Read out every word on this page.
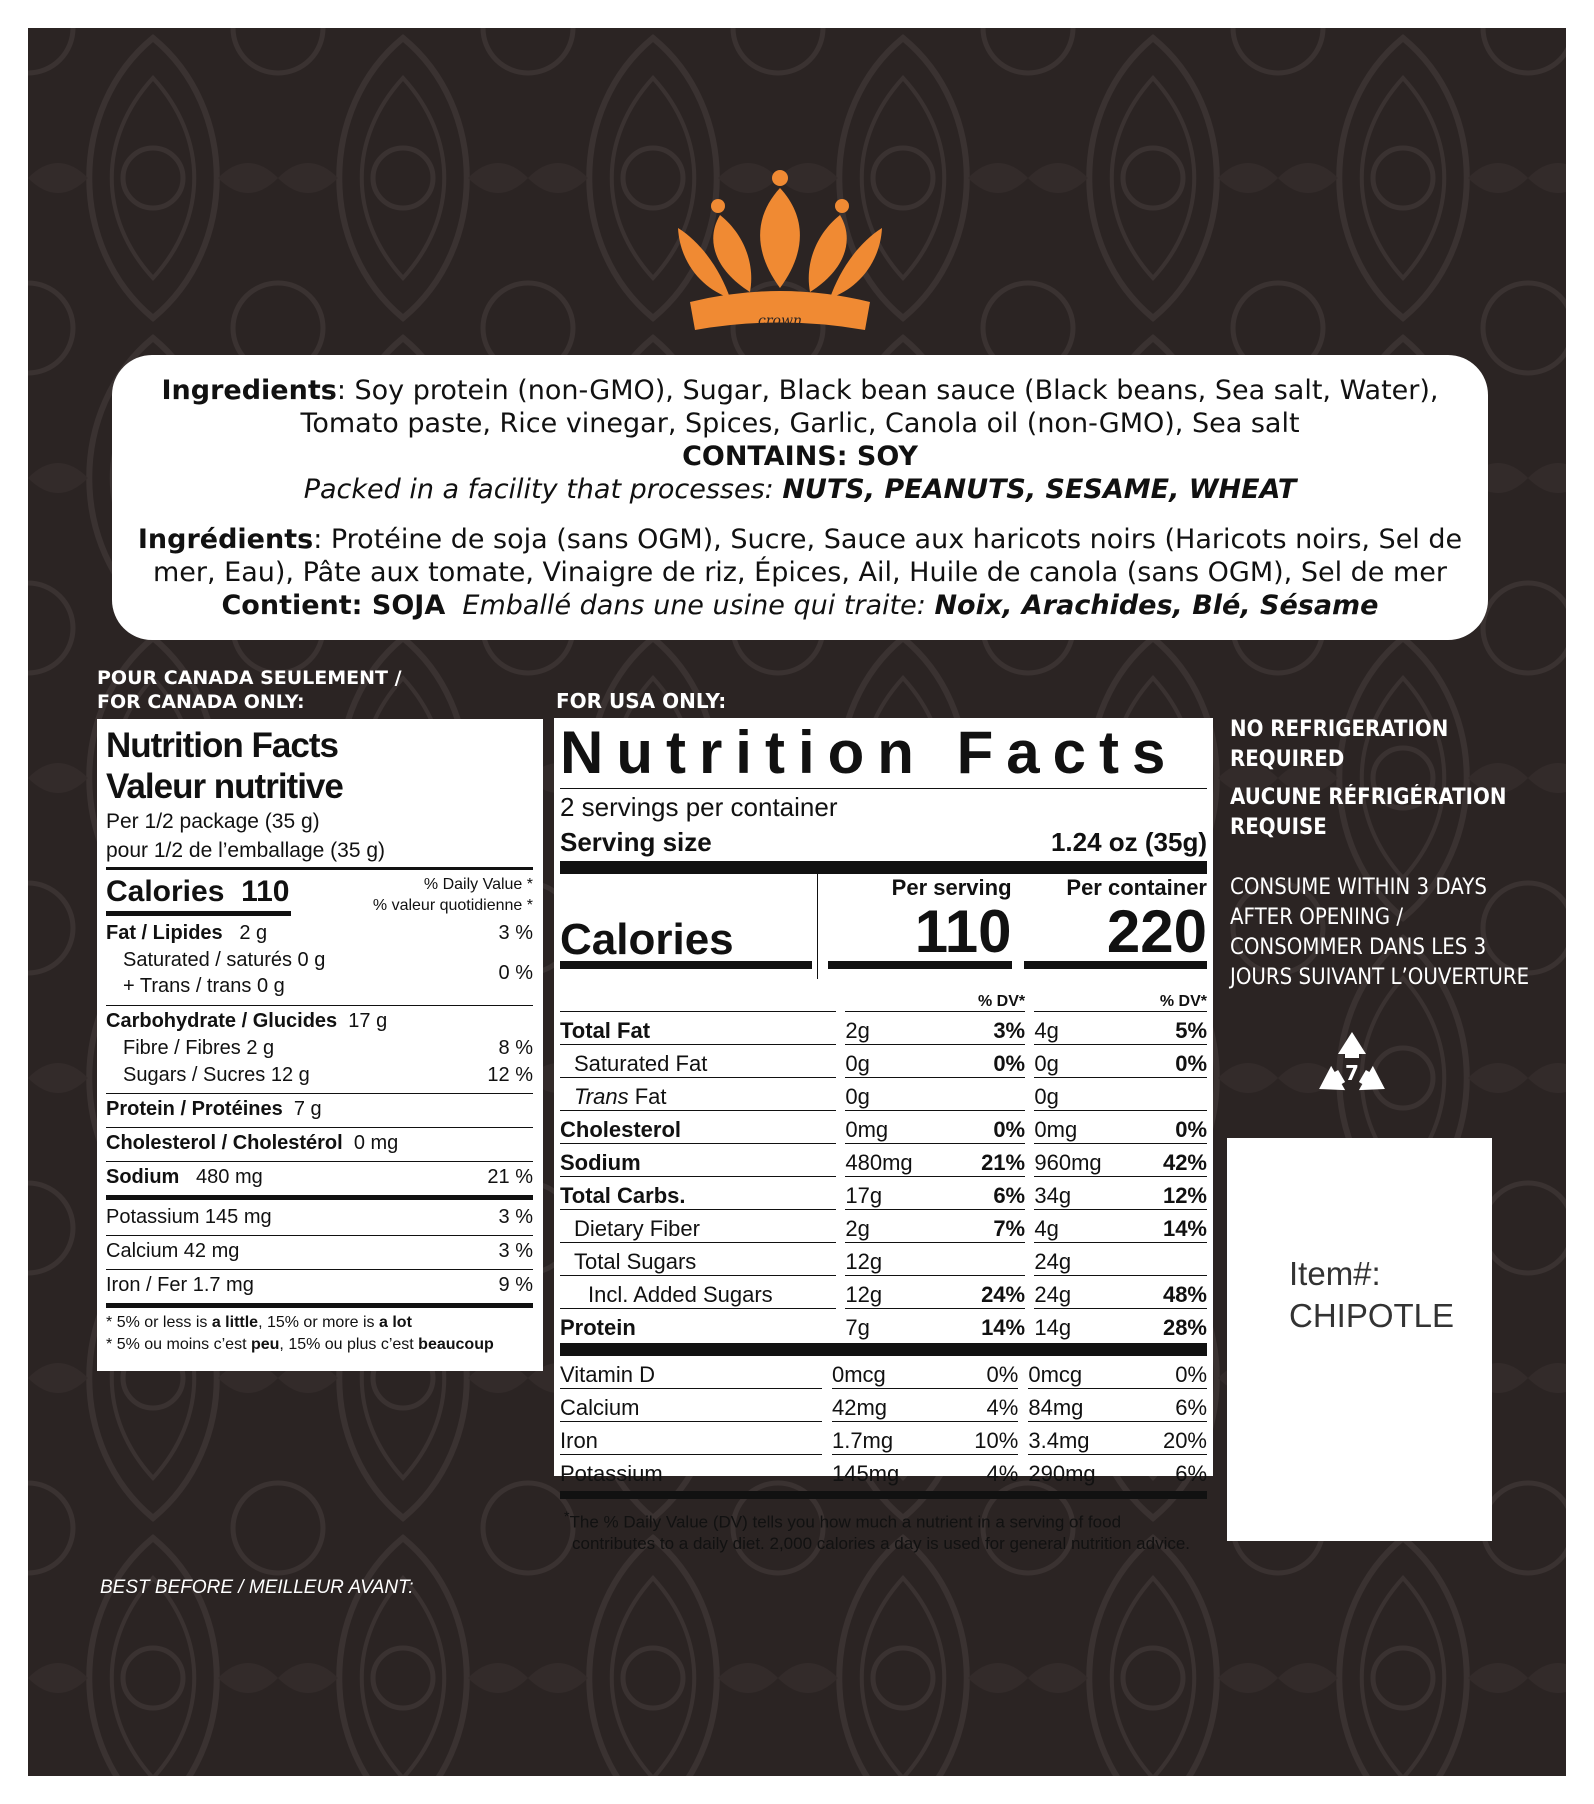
crown

Ingredients: Soy protein (non-GMO), Sugar, Black bean sauce (Black beans, Sea salt, Water),

Tomato paste, Rice vinegar, Spices, Garlic, Canola oil (non-GMO), Sea salt

CONTAINS: SOY

Packed in a facility that processes: NUTS, PEANUTS, SESAME, WHEAT

Ingrédients: Protéine de soja (sans OGM), Sucre, Sauce aux haricots noirs (Haricots noirs, Sel de

mer, Eau), Pâte aux tomate, Vinaigre de riz, Épices, Ail, Huile de canola (sans OGM), Sel de mer

Contient: SOJA Emballé dans une usine qui traite: Noix, Arachides, Blé, Sésame

POUR CANADA SEULEMENT /
FOR CANADA ONLY:
Nutrition Facts
Valeur nutritive
Per 1/2 package (35 g)
pour 1/2 de l’emballage (35 g)
Calories 110	% Daily Value *
% valeur quotidienne *
Fat / Lipides 2 g	3 %
Saturated / saturés 0 g
+ Trans / trans 0 g
0 %
Carbohydrate / Glucides 17 g
Fibre / Fibres 2 g	8 %
Sugars / Sucres 12 g	12 %
Protein / Protéines 7 g
Cholesterol / Cholestérol 0 mg
Sodium 480 mg	21 %
Potassium 145 mg	3 %
Calcium 42 mg	3 %
Iron / Fer 1.7 mg	9 %
* 5% or less is a little, 15% or more is a lot
* 5% ou moins c’est peu, 15% ou plus c’est beaucoup
FOR USA ONLY:
Nutrition Facts
2 servings per container
Serving size	1.24 oz (35g)
Calories
Per serving
110
Per container
220
			% DV*			% DV*
Total Fat		2g	3%		4g	5%
Saturated Fat		0g	0%		0g	0%
Trans Fat		0g			0g	
Cholesterol		0mg	0%		0mg	0%
Sodium		480mg	21%		960mg	42%
Total Carbs.		17g	6%		34g	12%
Dietary Fiber		2g	7%		4g	14%
Total Sugars		12g			24g	
Incl. Added Sugars		12g	24%		24g	48%
Protein		7g	14%		14g	28%
Vitamin D		0mcg	0%		0mcg	0%
Calcium		42mg	4%		84mg	6%
Iron		1.7mg	10%		3.4mg	20%
Potassium		145mg	4%		290mg	6%
*The % Daily Value (DV) tells you how much a nutrient in a serving of food
contributes to a daily diet. 2,000 calories a day is used for general nutrition advice.
NO REFRIGERATION
REQUIRED
AUCUNE RÉFRIGÉRATION
REQUISE
CONSUME WITHIN 3 DAYS
AFTER OPENING /
CONSOMMER DANS LES 3
JOURS SUIVANT L’OUVERTURE
7
Item#:
CHIPOTLE
BEST BEFORE / MEILLEUR AVANT:
